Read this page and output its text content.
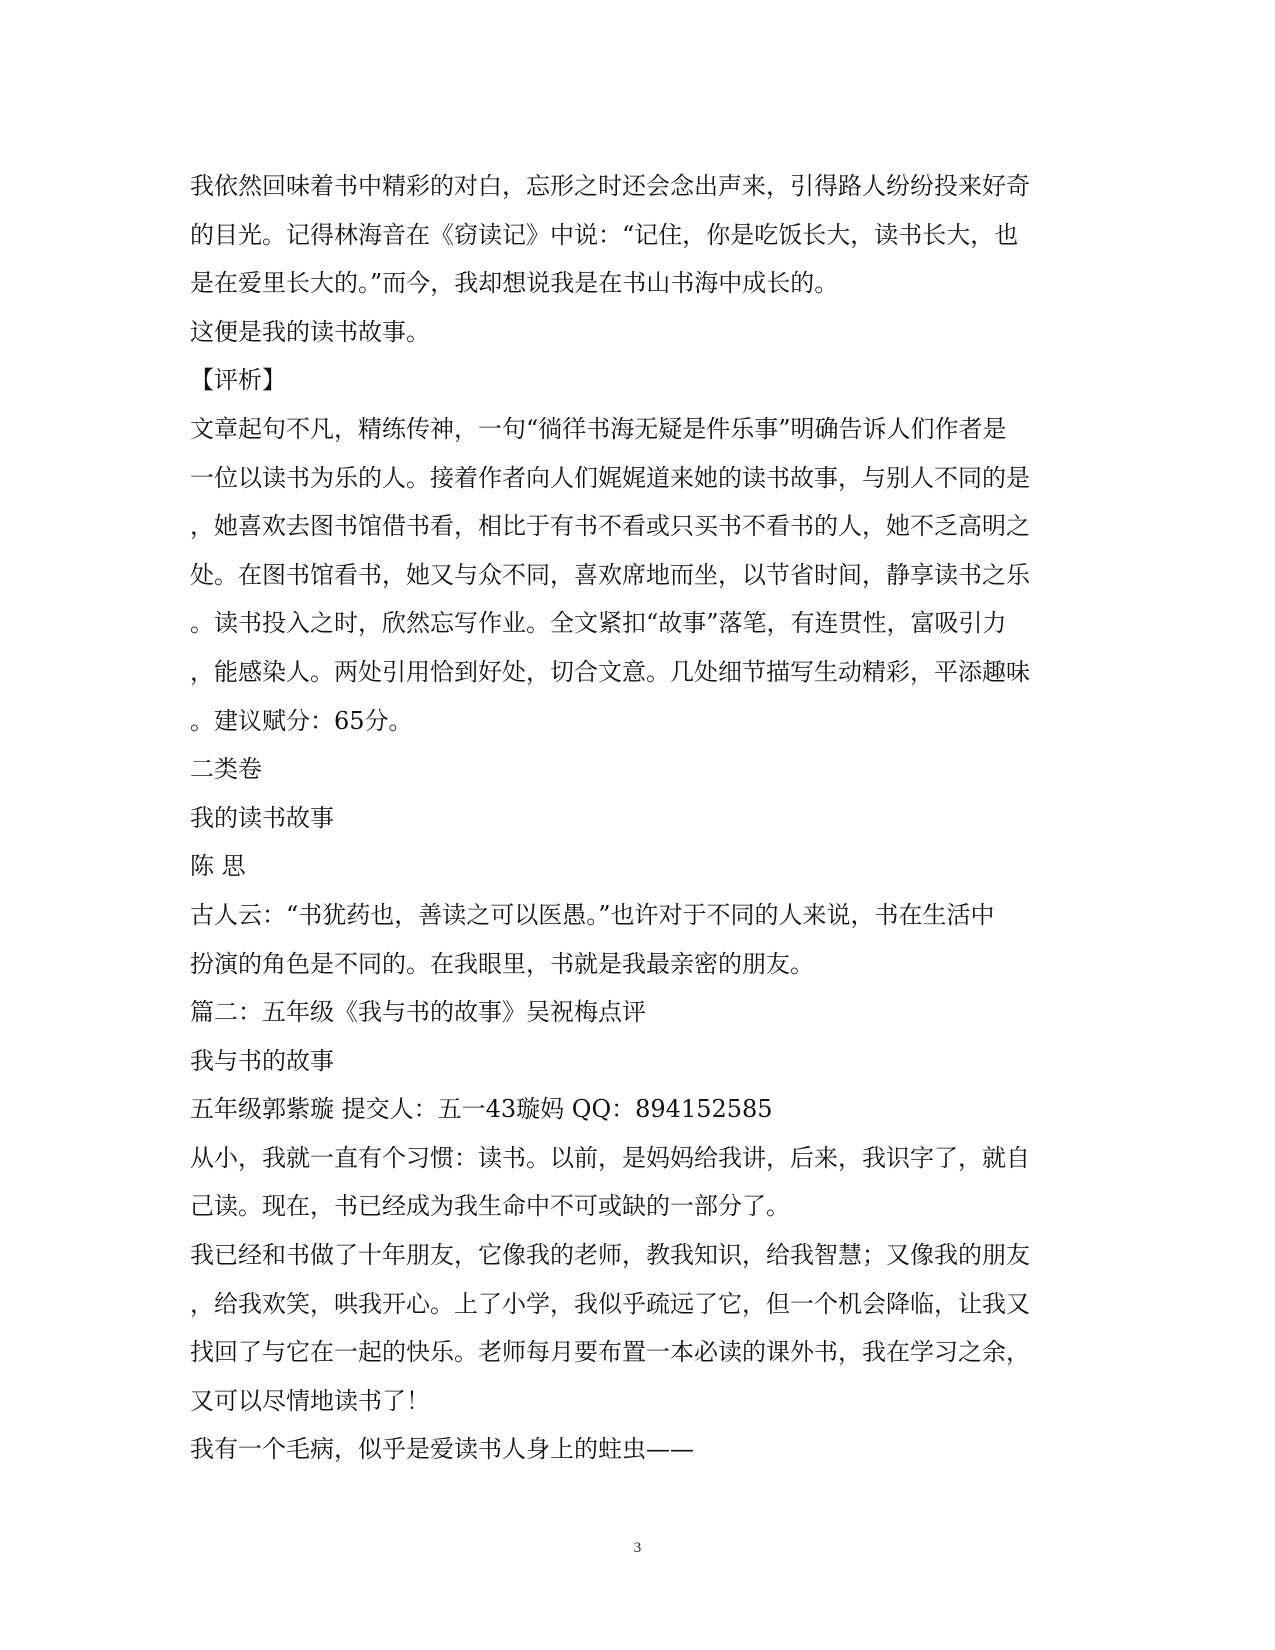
我依然回味着书中精彩的对白，忘形之时还会念出声来，引得路人纷纷投来好奇
的目光。记得林海音在《窃读记》中说：“记住，你是吃饭长大，读书长大，也
是在爱里长大的。”而今，我却想说我是在书山书海中成长的。
这便是我的读书故事。
【评析】
文章起句不凡，精练传神，一句“徜徉书海无疑是件乐事”明确告诉人们作者是
一位以读书为乐的人。接着作者向人们娓娓道来她的读书故事，与别人不同的是
，她喜欢去图书馆借书看，相比于有书不看或只买书不看书的人，她不乏高明之
处。在图书馆看书，她又与众不同，喜欢席地而坐，以节省时间，静享读书之乐
。读书投入之时，欣然忘写作业。全文紧扣“故事”落笔，有连贯性，富吸引力
，能感染人。两处引用恰到好处，切合文意。几处细节描写生动精彩，平添趣味
。建议赋分：65分。
二类卷
我的读书故事
陈 思
古人云：“书犹药也，善读之可以医愚。”也许对于不同的人来说，书在生活中
扮演的角色是不同的。在我眼里，书就是我最亲密的朋友。
篇二：五年级《我与书的故事》吴祝梅点评
我与书的故事
五年级郭紫璇 提交人：五一43璇妈 QQ：894152585
从小，我就一直有个习惯：读书。以前，是妈妈给我讲，后来，我识字了，就自
己读。现在，书已经成为我生命中不可或缺的一部分了。
我已经和书做了十年朋友，它像我的老师，教我知识，给我智慧；又像我的朋友
，给我欢笑，哄我开心。上了小学，我似乎疏远了它，但一个机会降临，让我又
找回了与它在一起的快乐。老师每月要布置一本必读的课外书，我在学习之余，
又可以尽情地读书了！
我有一个毛病，似乎是爱读书人身上的蛀虫——
3
